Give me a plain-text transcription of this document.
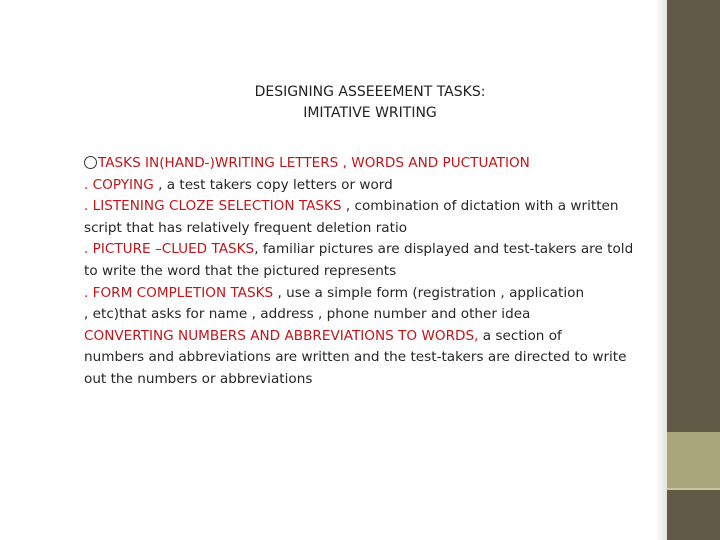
DESIGNING ASSEEEMENT TASKS:
IMITATIVE WRITING
TASKS IN(HAND-)WRITING LETTERS , WORDS AND PUCTUATION
. COPYING , a test takers copy letters or word
. LISTENING CLOZE SELECTION TASKS , combination of dictation with a written
script that has relatively frequent deletion ratio
. PICTURE –CLUED TASKS, familiar pictures are displayed and test-takers are told
to write the word that the pictured represents
. FORM COMPLETION TASKS , use a simple form (registration , application
, etc)that asks for name , address , phone number and other idea
CONVERTING NUMBERS AND ABBREVIATIONS TO WORDS, a section of
numbers and abbreviations are written and the test-takers are directed to write
out the numbers or abbreviations
